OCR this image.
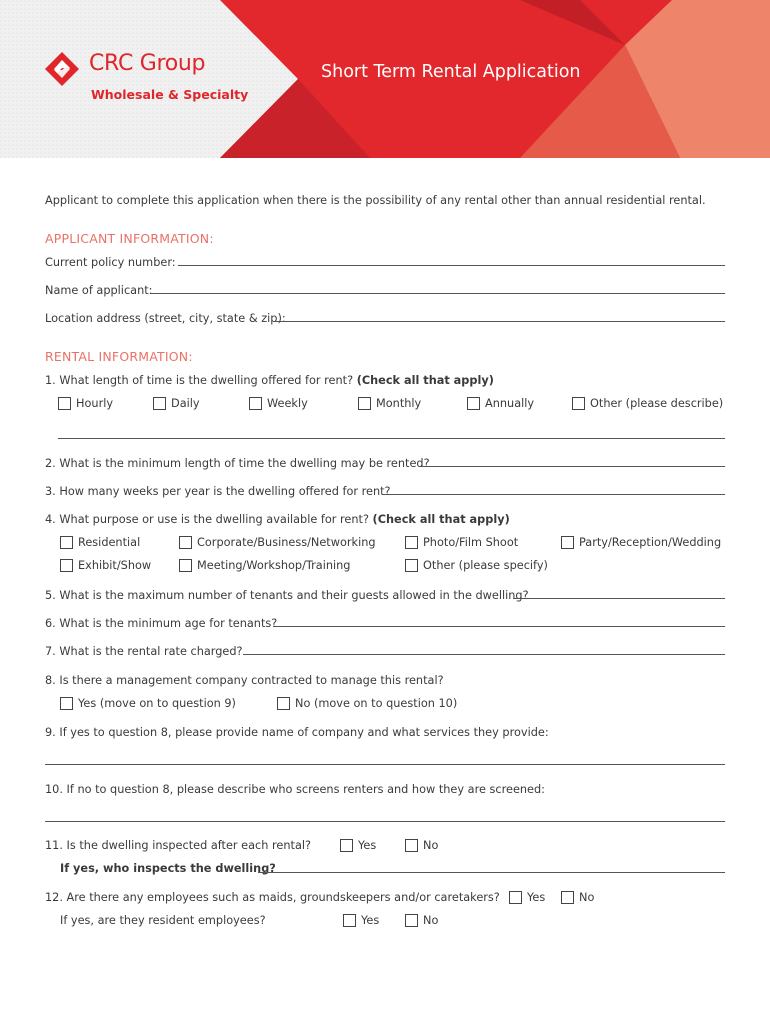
CRC Group
Wholesale & Specialty
Short Term Rental Application
Applicant to complete this application when there is the possibility of any rental other than annual residential rental.
APPLICANT INFORMATION:
Current policy number:
Name of applicant:
Location address (street, city, state & zip):
RENTAL INFORMATION:
1. What length of time is the dwelling offered for rent? (Check all that apply)
Hourly	Daily	Weekly	Monthly	Annually	Other (please describe)
2. What is the minimum length of time the dwelling may be rented?
3. How many weeks per year is the dwelling offered for rent?
4. What purpose or use is the dwelling available for rent? (Check all that apply)
Residential	Corporate/Business/Networking	Photo/Film Shoot	Party/Reception/Wedding
Exhibit/Show	Meeting/Workshop/Training	Other (please specify)
5. What is the maximum number of tenants and their guests allowed in the dwelling?
6. What is the minimum age for tenants?
7. What is the rental rate charged?
8. Is there a management company contracted to manage this rental?
Yes (move on to question 9)	No (move on to question 10)
9. If yes to question 8, please provide name of company and what services they provide:
10. If no to question 8, please describe who screens renters and how they are screened:
11. Is the dwelling inspected after each rental?	Yes	No
If yes, who inspects the dwelling?
12. Are there any employees such as maids, groundskeepers and/or caretakers? Yes	No
If yes, are they resident employees?	Yes	No
